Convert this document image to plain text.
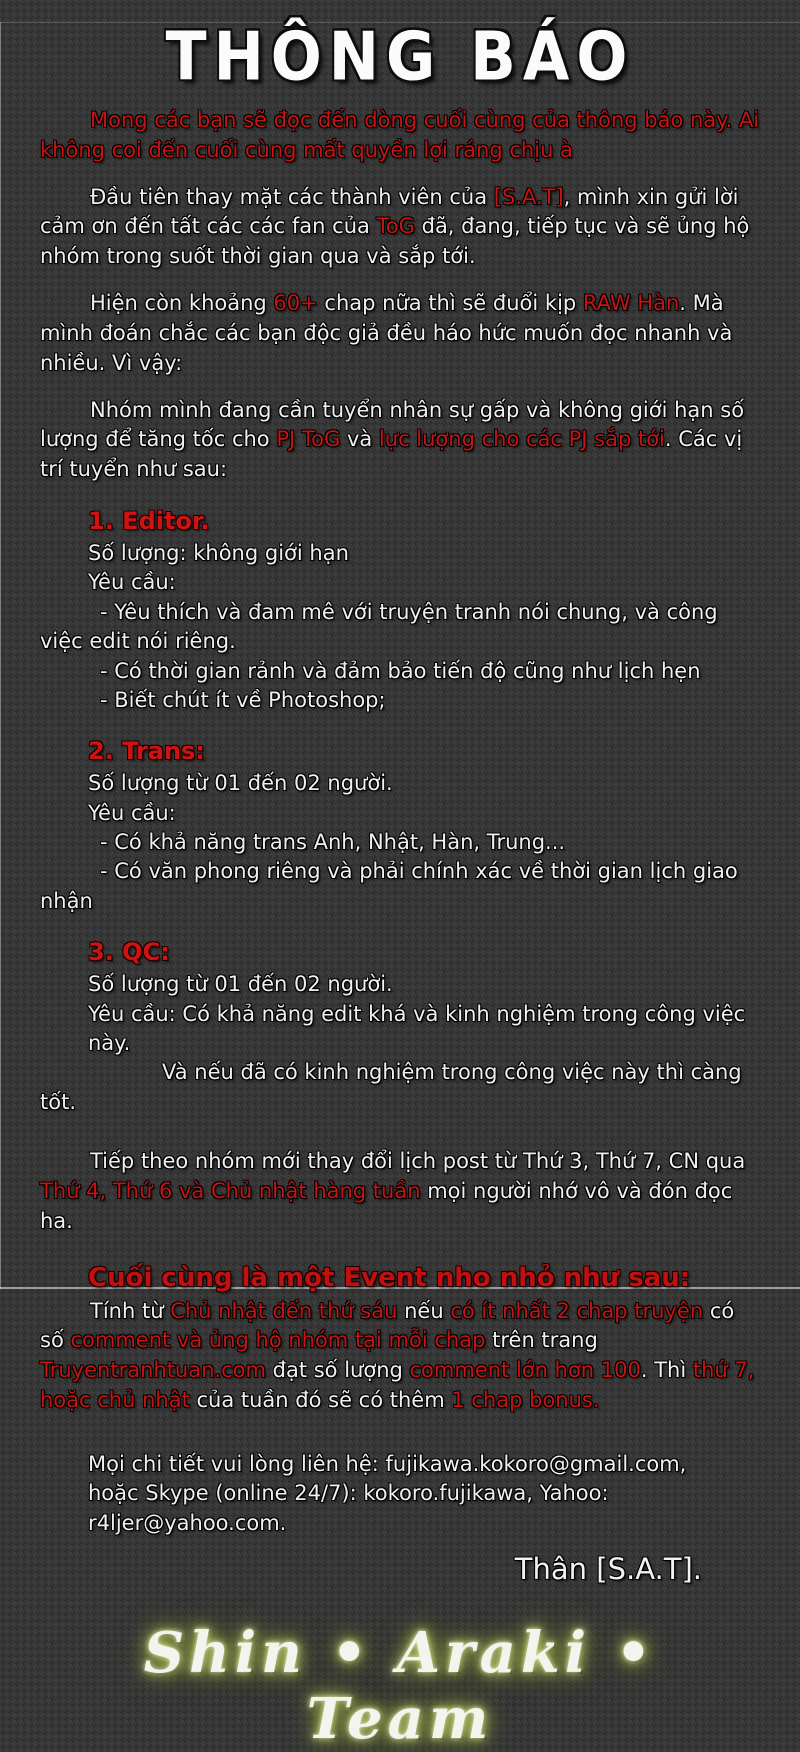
THÔNG BÁO
Mong các bạn sẽ đọc đến dòng cuối cùng của thông báo này. Ai không coi đến cuối cùng mất quyền lợi ráng chịu à
Đầu tiên thay mặt các thành viên của [S.A.T], mình xin gửi lời cảm ơn đến tất các các fan của ToG đã, đang, tiếp tục và sẽ ủng hộ nhóm trong suốt thời gian qua và sắp tới.
Hiện còn khoảng 60+ chap nữa thì sẽ đuổi kịp RAW Hàn. Mà mình đoán chắc các bạn độc giả đều háo hức muốn đọc nhanh và nhiều. Vì vậy:
Nhóm mình đang cần tuyển nhân sự gấp và không giới hạn số lượng để tăng tốc cho PJ ToG và lực lượng cho các PJ sắp tới. Các vị trí tuyển như sau:
1. Editor.
Số lượng: không giới hạn
Yêu cầu:
- Yêu thích và đam mê với truyện tranh nói chung, và công việc edit nói riêng.
- Có thời gian rảnh và đảm bảo tiến độ cũng như lịch hẹn
- Biết chút ít về Photoshop;
2. Trans:
Số lượng từ 01 đến 02 người.
Yêu cầu:
- Có khả năng trans Anh, Nhật, Hàn, Trung...
- Có văn phong riêng và phải chính xác về thời gian lịch giao nhận
3. QC:
Số lượng từ 01 đến 02 người.
Yêu cầu: Có khả năng edit khá và kinh nghiệm trong công việc này.
Và nếu đã có kinh nghiệm trong công việc này thì càng tốt.
Tiếp theo nhóm mới thay đổi lịch post từ Thứ 3, Thứ 7, CN qua Thứ 4, Thứ 6 và Chủ nhật hàng tuần mọi người nhớ vô và đón đọc ha.
Cuối cùng là một Event nho nhỏ như sau:
Tính từ Chủ nhật đến thứ sáu nếu có ít nhất 2 chap truyện có số comment và ủng hộ nhóm tại mỗi chap trên trang Truyentranhtuan.com đạt số lượng comment lớn hơn 100. Thì thứ 7, hoặc chủ nhật của tuần đó sẽ có thêm 1 chap bonus.
Mọi chi tiết vui lòng liên hệ: fujikawa.kokoro@gmail.com,
hoặc Skype (online 24/7): kokoro.fujikawa, Yahoo: r4ljer@yahoo.com.
Thân [S.A.T].
Shin • Araki • Team
